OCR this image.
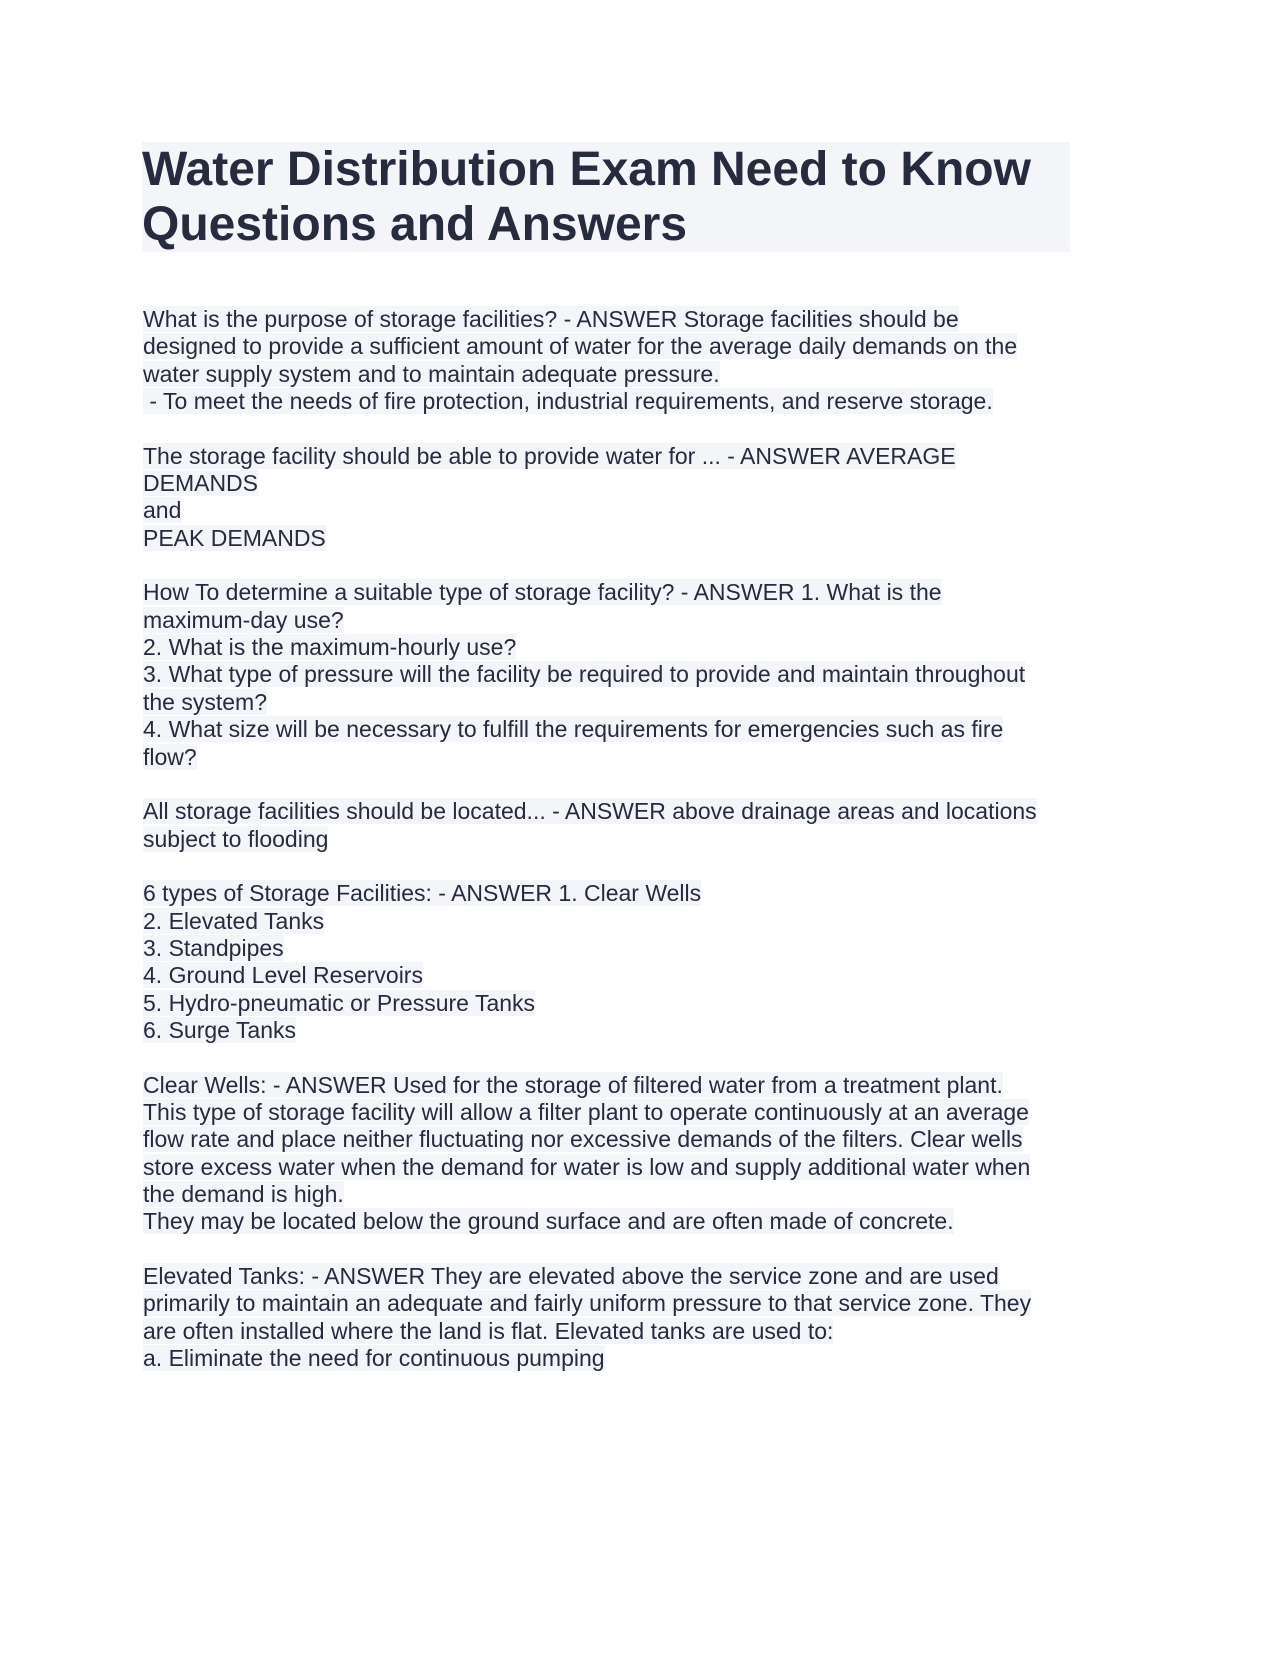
Water Distribution Exam Need to Know
Questions and Answers
What is the purpose of storage facilities? - ANSWER Storage facilities should be
designed to provide a sufficient amount of water for the average daily demands on the
water supply system and to maintain adequate pressure.
- To meet the needs of fire protection, industrial requirements, and reserve storage.
The storage facility should be able to provide water for ... - ANSWER AVERAGE
DEMANDS
and
PEAK DEMANDS
How To determine a suitable type of storage facility? - ANSWER 1. What is the
maximum-day use?
2. What is the maximum-hourly use?
3. What type of pressure will the facility be required to provide and maintain throughout
the system?
4. What size will be necessary to fulfill the requirements for emergencies such as fire
flow?
All storage facilities should be located... - ANSWER above drainage areas and locations
subject to flooding
6 types of Storage Facilities: - ANSWER 1. Clear Wells
2. Elevated Tanks
3. Standpipes
4. Ground Level Reservoirs
5. Hydro-pneumatic or Pressure Tanks
6. Surge Tanks
Clear Wells: - ANSWER Used for the storage of filtered water from a treatment plant.
This type of storage facility will allow a filter plant to operate continuously at an average
flow rate and place neither fluctuating nor excessive demands of the filters. Clear wells
store excess water when the demand for water is low and supply additional water when
the demand is high.
They may be located below the ground surface and are often made of concrete.
Elevated Tanks: - ANSWER They are elevated above the service zone and are used
primarily to maintain an adequate and fairly uniform pressure to that service zone. They
are often installed where the land is flat. Elevated tanks are used to:
a. Eliminate the need for continuous pumping
